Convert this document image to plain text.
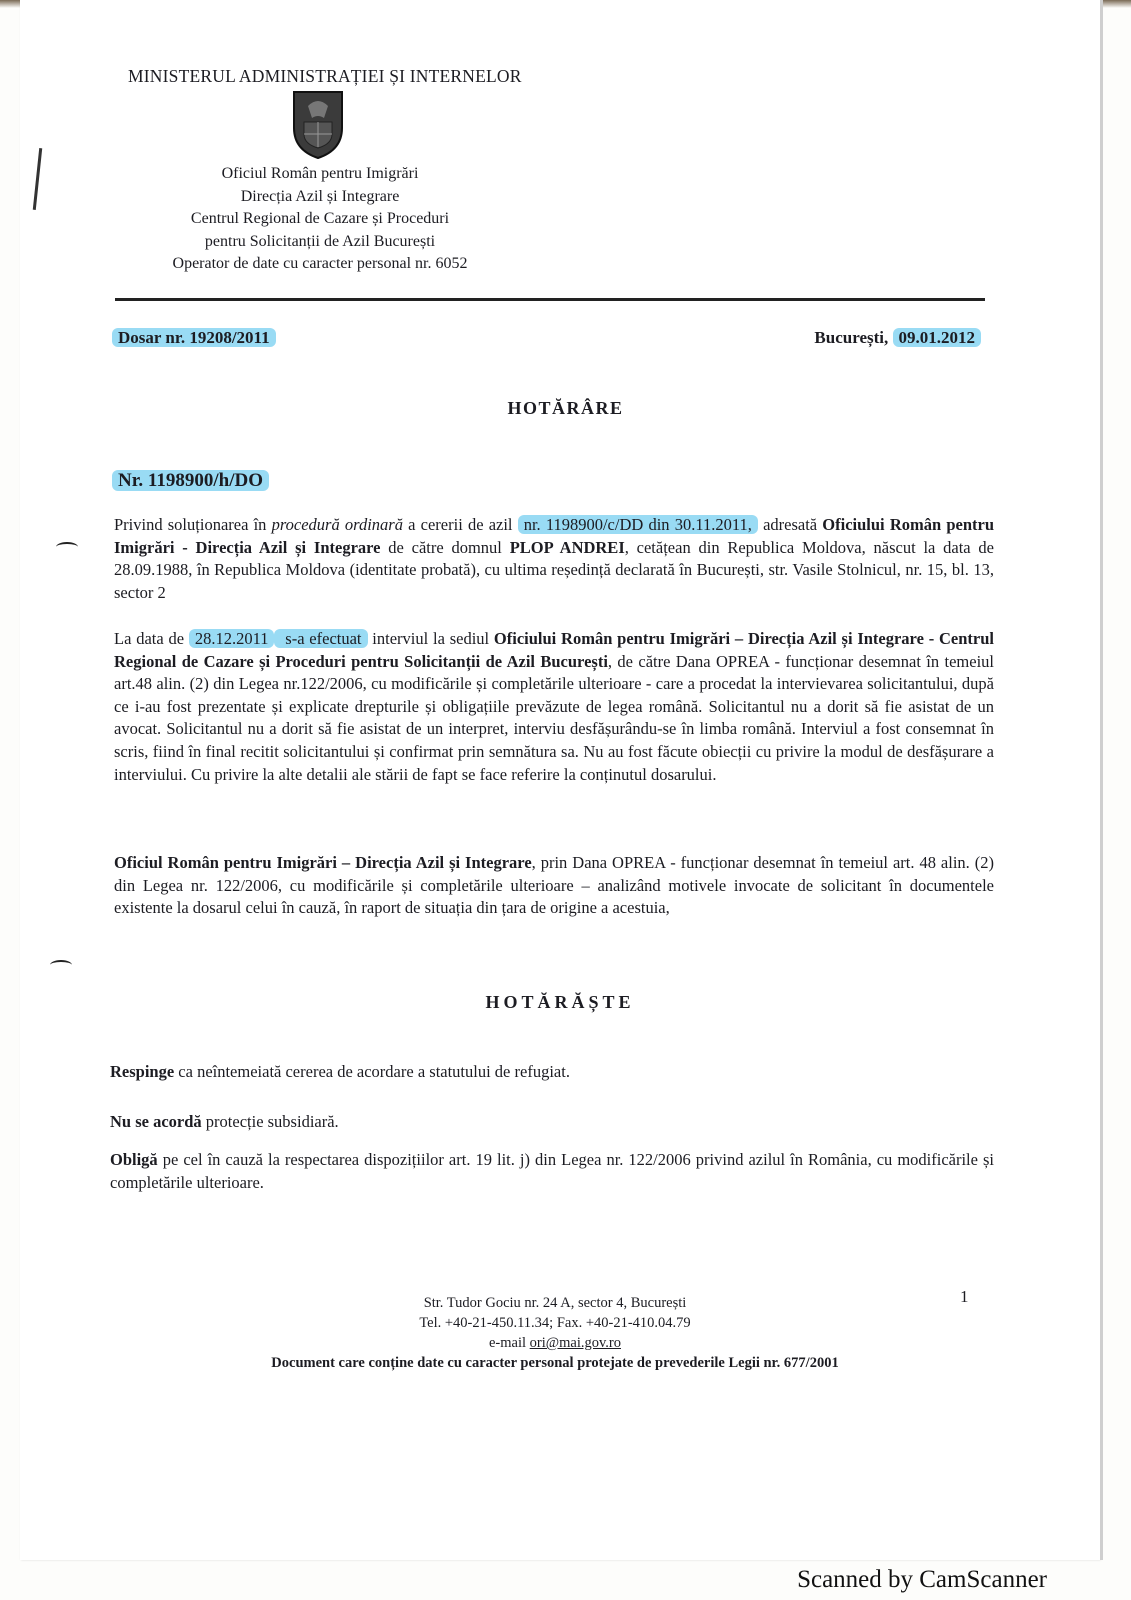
MINISTERUL ADMINISTRAȚIEI ȘI INTERNELOR
Oficiul Român pentru Imigrări
Direcția Azil și Integrare
Centrul Regional de Cazare și Proceduri
pentru Solicitanții de Azil București
Operator de date cu caracter personal nr. 6052
Dosar nr. 19208/2011	București, 09.01.2012
HOTĂRÂRE
Nr. 1198900/h/DO
Privind soluționarea în procedură ordinară a cererii de azil nr. 1198900/c/DD din 30.11.2011, adresată Oficiului Român pentru Imigrări - Direcția Azil și Integrare de către domnul PLOP ANDREI, cetățean din Republica Moldova, născut la data de 28.09.1988, în Republica Moldova (identitate probată), cu ultima reședință declarată în București, str. Vasile Stolnicul, nr. 15, bl. 13, sector 2
La data de 28.12.2011 s-a efectuat interviul la sediul Oficiului Român pentru Imigrări – Direcția Azil și Integrare - Centrul Regional de Cazare și Proceduri pentru Solicitanții de Azil București, de către Dana OPREA - funcționar desemnat în temeiul art.48 alin. (2) din Legea nr.122/2006, cu modificările și completările ulterioare - care a procedat la intervievarea solicitantului, după ce i-au fost prezentate și explicate drepturile și obligațiile prevăzute de legea română. Solicitantul nu a dorit să fie asistat de un avocat. Solicitantul nu a dorit să fie asistat de un interpret, interviu desfășurându-se în limba română. Interviul a fost consemnat în scris, fiind în final recitit solicitantului și confirmat prin semnătura sa. Nu au fost făcute obiecții cu privire la modul de desfășurare a interviului. Cu privire la alte detalii ale stării de fapt se face referire la conținutul dosarului.
Oficiul Român pentru Imigrări – Direcția Azil și Integrare, prin Dana OPREA - funcționar desemnat în temeiul art. 48 alin. (2) din Legea nr. 122/2006, cu modificările și completările ulterioare – analizând motivele invocate de solicitant în documentele existente la dosarul celui în cauză, în raport de situația din țara de origine a acestuia,
HOTĂRĂȘTE
Respinge ca neîntemeiată cererea de acordare a statutului de refugiat.
Nu se acordă protecție subsidiară.
Obligă pe cel în cauză la respectarea dispozițiilor art. 19 lit. j) din Legea nr. 122/2006 privind azilul în România, cu modificările și completările ulterioare.
Str. Tudor Gociu nr. 24 A, sector 4, București
Tel. +40-21-450.11.34; Fax. +40-21-410.04.79
e-mail ori@mai.gov.ro
Document care conține date cu caracter personal protejate de prevederile Legii nr. 677/2001
1
Scanned by CamScanner
